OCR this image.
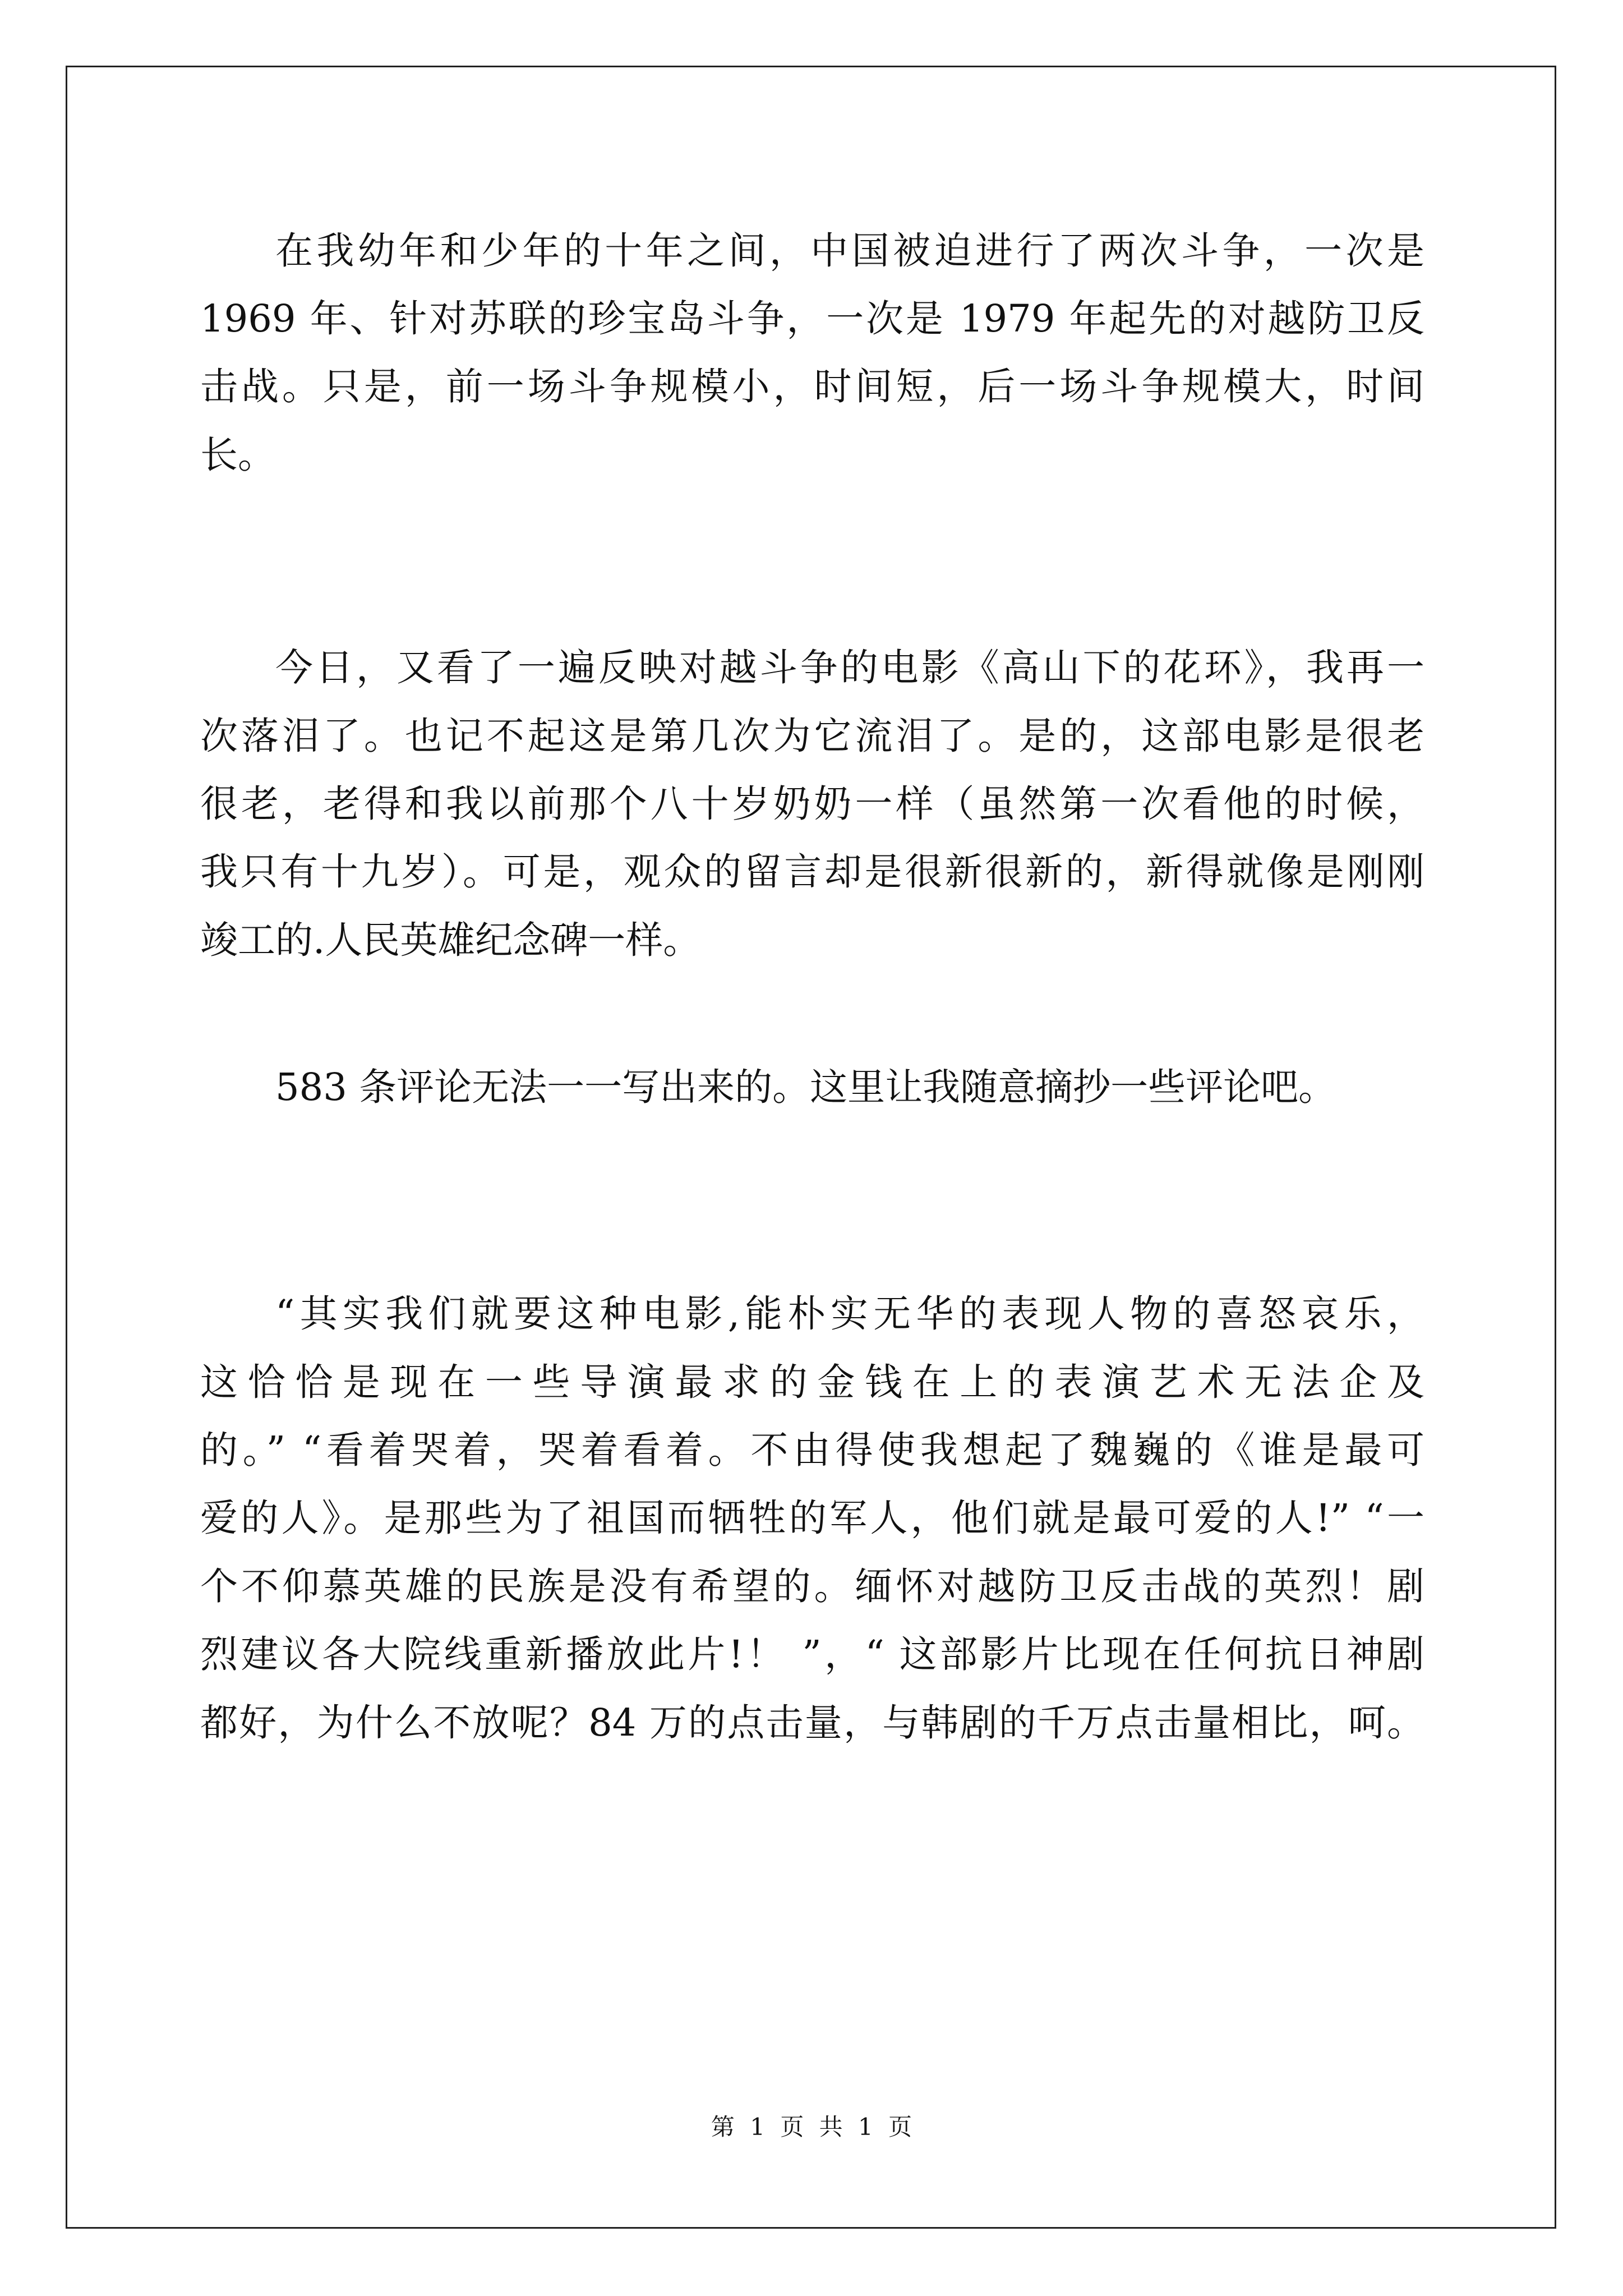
在我幼年和少年的十年之间，中国被迫进行了两次斗争，一次是
1969 年、针对苏联的珍宝岛斗争，一次是 1979 年起先的对越防卫反
击战。只是，前一场斗争规模小，时间短，后一场斗争规模大，时间
长。
今日，又看了一遍反映对越斗争的电影《高山下的花环》，我再一
次落泪了。也记不起这是第几次为它流泪了。是的，这部电影是很老
很老，老得和我以前那个八十岁奶奶一样（虽然第一次看他的时候，
我只有十九岁）。可是，观众的留言却是很新很新的，新得就像是刚刚
竣工的.人民英雄纪念碑一样。
583 条评论无法一一写出来的。这里让我随意摘抄一些评论吧。
“其实我们就要这种电影,能朴实无华的表现人物的喜怒哀乐，
这恰恰是现在一些导演最求的金钱在上的表演艺术无法企及
的。” “看着哭着，哭着看着。不由得使我想起了魏巍的《谁是最可
爱的人》。是那些为了祖国而牺牲的军人，他们就是最可爱的人!” “一
个不仰慕英雄的民族是没有希望的。缅怀对越防卫反击战的英烈！剧
烈建议各大院线重新播放此片!！ ”，“ 这部影片比现在任何抗日神剧
都好，为什么不放呢？84 万的点击量，与韩剧的千万点击量相比，呵。
第 1 页 共 1 页
